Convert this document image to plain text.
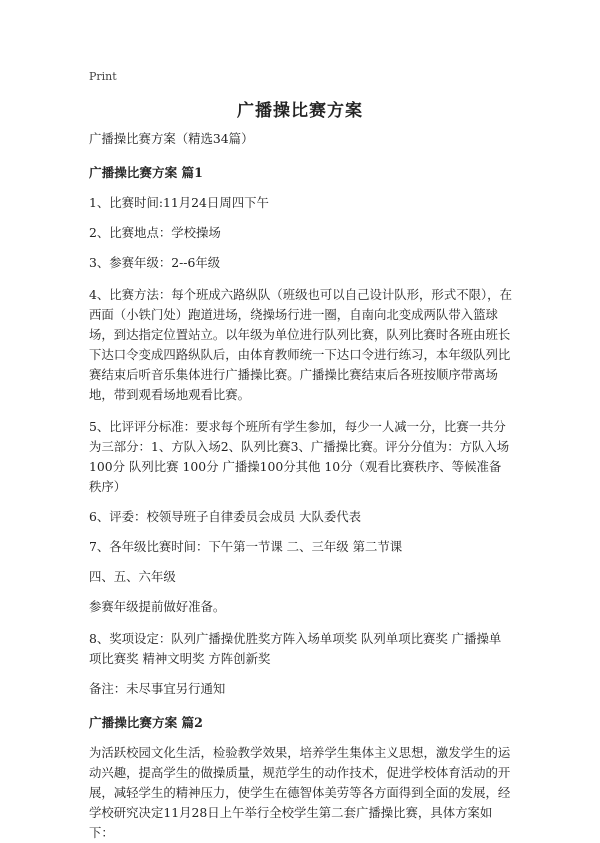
Print
广播操比赛方案

广播操比赛方案（精选34篇）

广播操比赛方案 篇1

1、比赛时间:11月24日周四下午

2、比赛地点：学校操场

3、参赛年级：2--6年级

4、比赛方法：每个班成六路纵队（班级也可以自己设计队形，形式不限），在西面（小铁门处）跑道进场，绕操场行进一圈，自南向北变成两队带入篮球场，到达指定位置站立。以年级为单位进行队列比赛，队列比赛时各班由班长下达口令变成四路纵队后，由体育教师统一下达口令进行练习，本年级队列比赛结束后听音乐集体进行广播操比赛。广播操比赛结束后各班按顺序带离场地，带到观看场地观看比赛。

5、比评评分标准：要求每个班所有学生参加，每少一人减一分，比赛一共分为三部分：1、方队入场2、队列比赛3、广播操比赛。评分分值为：方队入场 100分 队列比赛 100分 广播操100分其他 10分（观看比赛秩序、等候准备秩序）

6、评委：校领导班子自律委员会成员 大队委代表

7、各年级比赛时间：下午第一节课 二、三年级 第二节课

四、五、六年级

参赛年级提前做好准备。

8、奖项设定：队列广播操优胜奖方阵入场单项奖 队列单项比赛奖 广播操单项比赛奖 精神文明奖 方阵创新奖

备注：未尽事宜另行通知

广播操比赛方案 篇2

为活跃校园文化生活，检验教学效果，培养学生集体主义思想，激发学生的运动兴趣，提高学生的做操质量，规范学生的动作技术，促进学校体育活动的开展，减轻学生的精神压力，使学生在德智体美劳等各方面得到全面的发展，经学校研究决定11月28日上午举行全校学生第二套广播操比赛，具体方案如下：
